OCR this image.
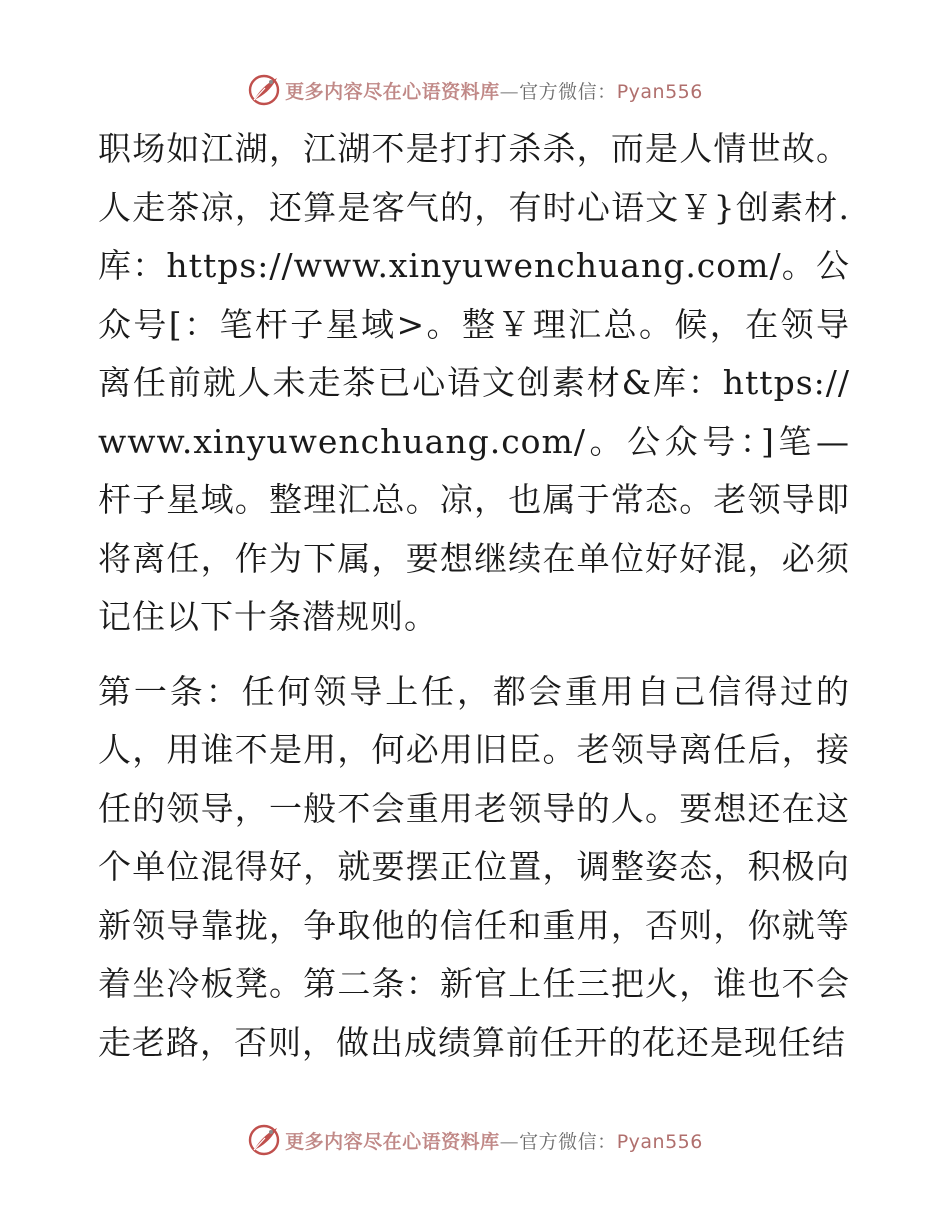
更多内容尽在心语资料库—官方微信：Pyan556

职场如江湖，江湖不是打打杀杀，而是人情世故。人走茶凉，还算是客气的，有时心语文￥}创素材.库：https://www.xinyuwenchuang.com/。公众号[：笔杆子星域>。整￥理汇总。候，在领导离任前就人未走茶已心语文创素材&库：https://www.xinyuwenchuang.com/。公众号：]笔—杆子星域。整理汇总。凉，也属于常态。老领导即将离任，作为下属，要想继续在单位好好混，必须记住以下十条潜规则。

第一条：任何领导上任，都会重用自己信得过的人，用谁不是用，何必用旧臣。老领导离任后，接任的领导，一般不会重用老领导的人。要想还在这个单位混得好，就要摆正位置，调整姿态，积极向新领导靠拢，争取他的信任和重用，否则，你就等着坐冷板凳。第二条：新官上任三把火，谁也不会走老路，否则，做出成绩算前任开的花还是现任结

更多内容尽在心语资料库—官方微信：Pyan556
